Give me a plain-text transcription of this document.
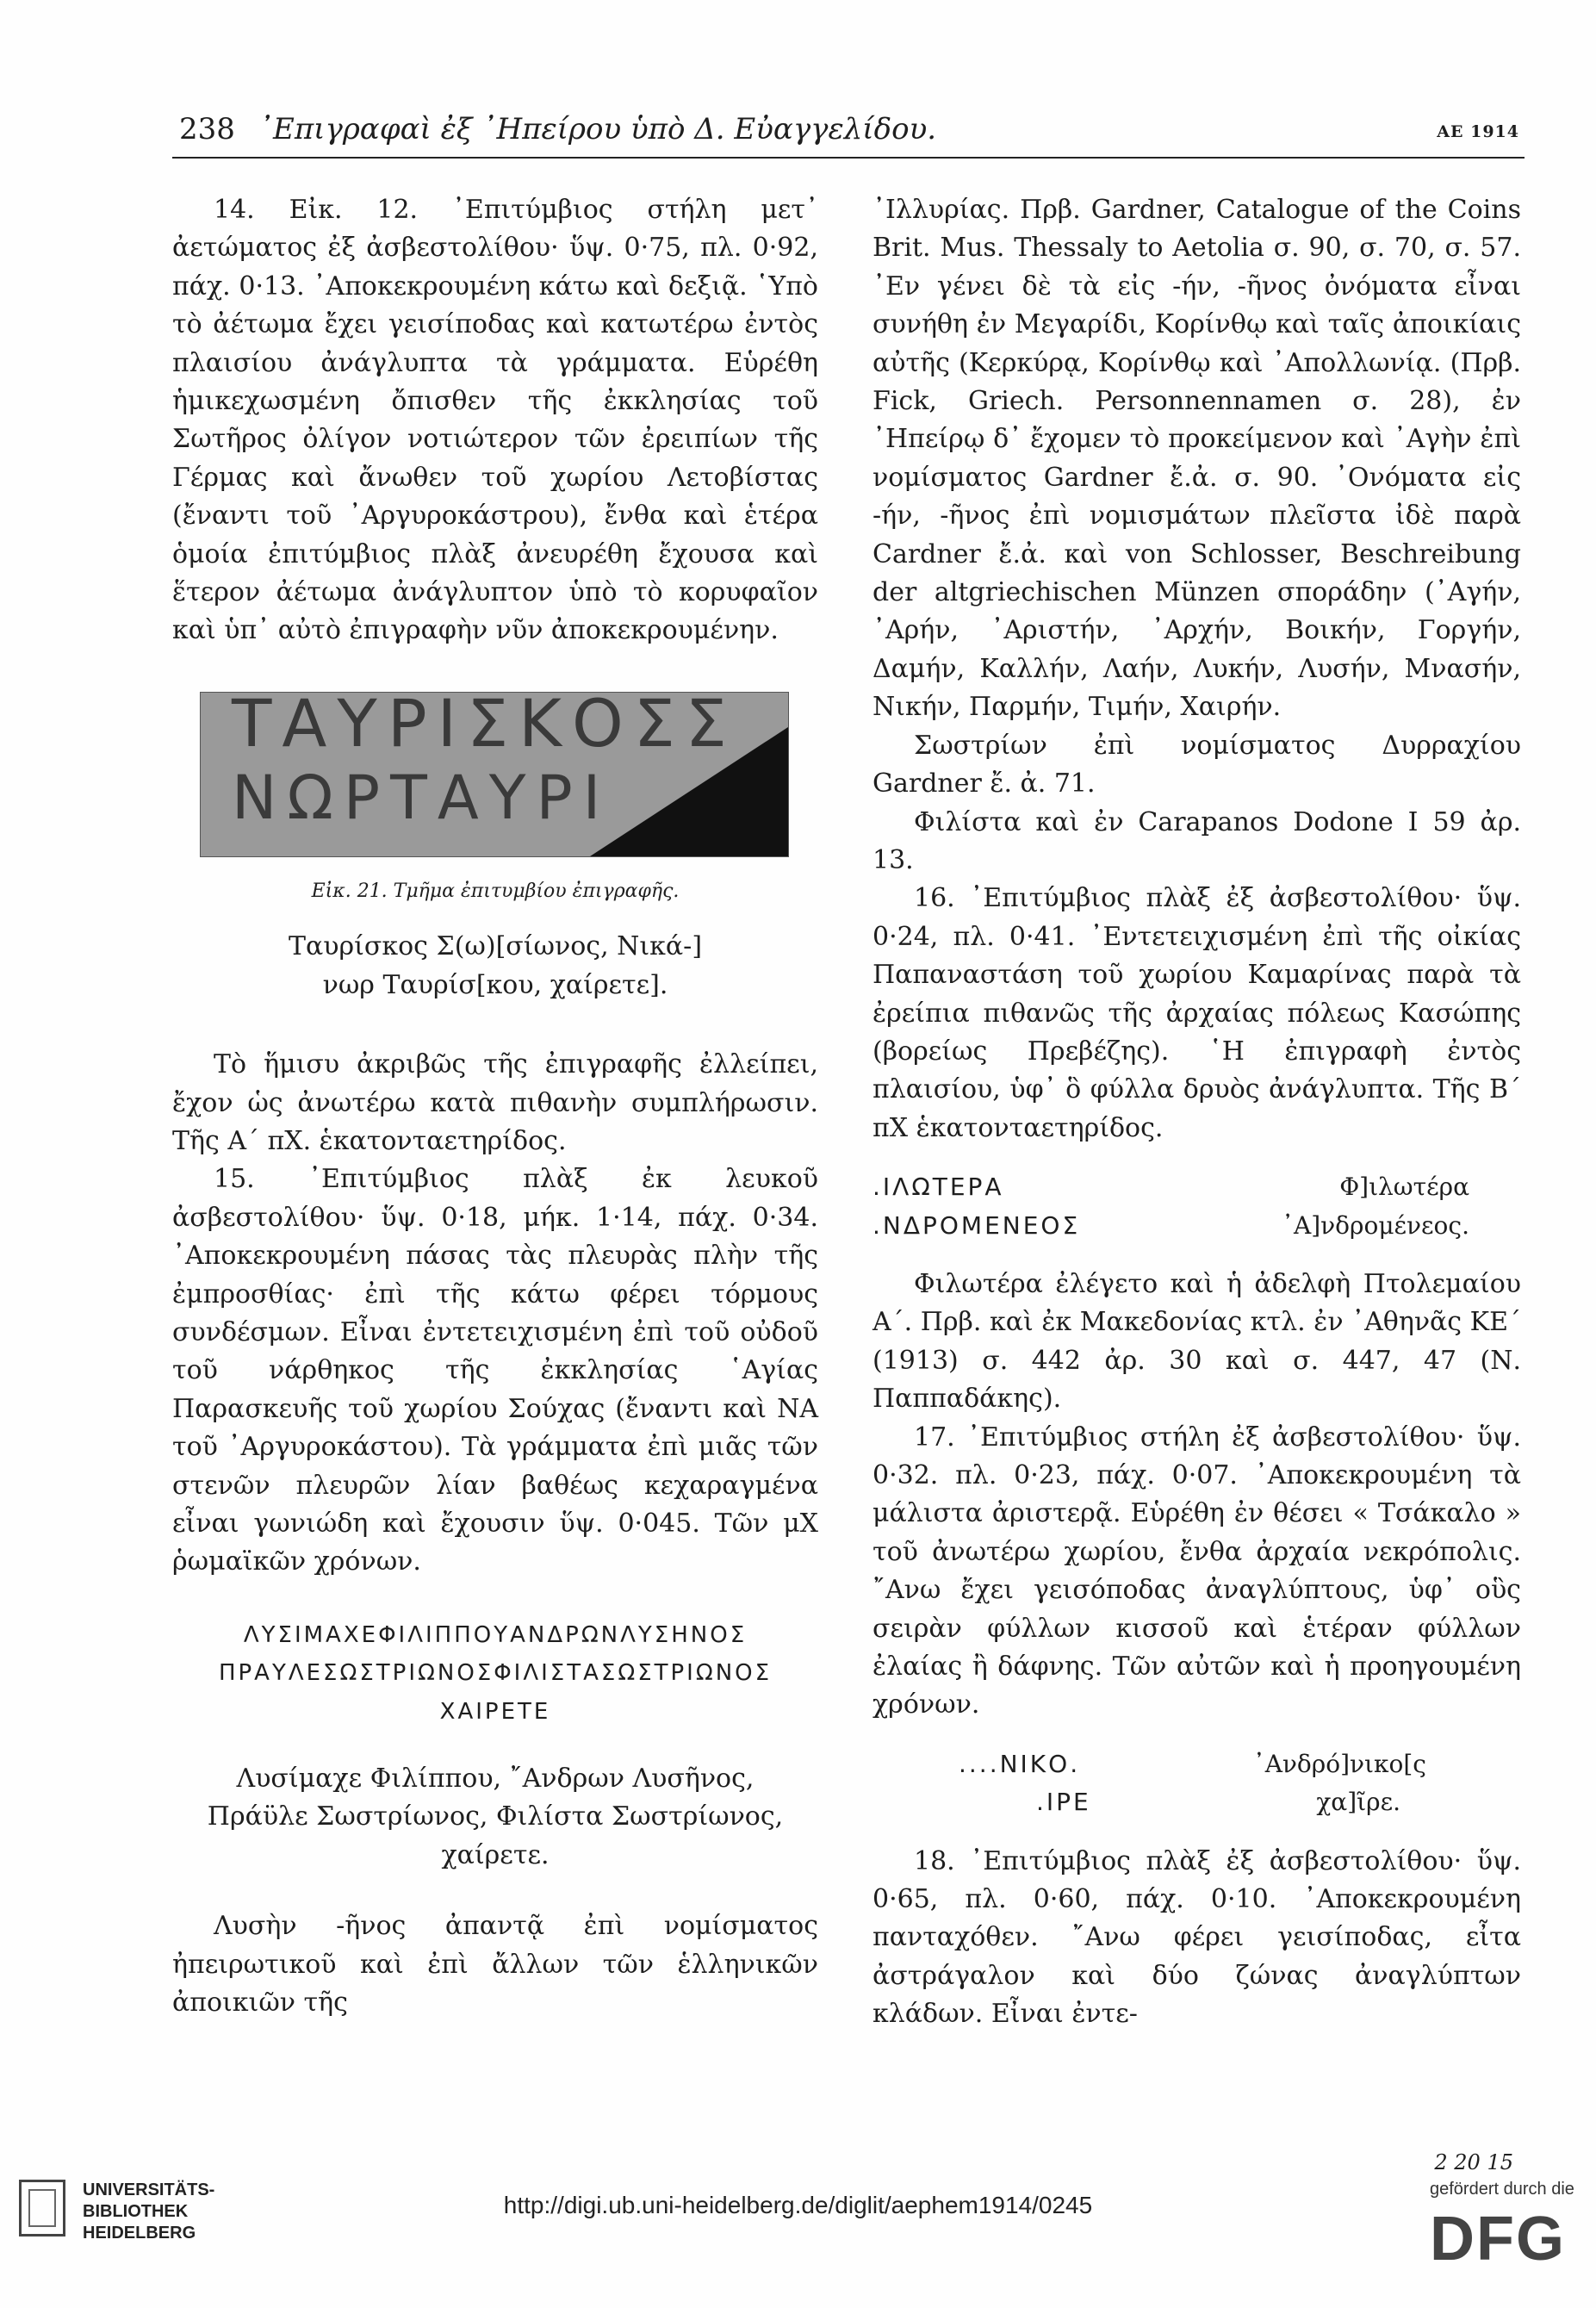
238 ᾿Επιγραφαὶ ἐξ ᾿Ηπείρου ὑπὸ Δ. Εὐαγγελίδου.	AE 1914

14. Εἰκ. 12. ᾿Επιτύμβιος στήλη μετ᾿ ἀετώματος ἐξ ἀσβεστολίθου· ὕψ. 0·75, πλ. 0·92, πάχ. 0·13. ᾿Αποκεκρουμένη κάτω καὶ δεξιᾷ. ῾Υπὸ τὸ ἀέτωμα ἔχει γεισίποδας καὶ κατωτέρω ἐντὸς πλαισίου ἀνάγλυπτα τὰ γράμματα. Εὑρέθη ἡμικεχωσμένη ὄπισθεν τῆς ἐκκλησίας τοῦ Σωτῆρος ὀλίγον νοτιώτερον τῶν ἐρειπίων τῆς Γέρμας καὶ ἄνωθεν τοῦ χωρίου Λετοβίστας (ἔναντι τοῦ ᾿Αργυροκάστρου), ἔνθα καὶ ἑτέρα ὁμοία ἐπιτύμβιος πλὰξ ἀνευρέθη ἔχουσα καὶ ἕτερον ἀέτωμα ἀνάγλυπτον ὑπὸ τὸ κορυφαῖον καὶ ὑπ᾿ αὐτὸ ἐπιγραφὴν νῦν ἀποκεκρουμένην.

ΤΑΥΡΙΣΚΟΣΣ
ΝΩΡΤΑΥΡΙ
Εἰκ. 21. Τμῆμα ἐπιτυμβίου ἐπιγραφῆς.

Ταυρίσκος Σ(ω)[σίωνος, Νικά-]

νωρ Ταυρίσ[κου, χαίρετε].

Τὸ ἥμισυ ἀκριβῶς τῆς ἐπιγραφῆς ἐλλείπει, ἔχον ὡς ἀνωτέρω κατὰ πιθανὴν συμπλήρωσιν. Τῆς Α΄ πΧ. ἑκατονταετηρίδος.

15. ᾿Επιτύμβιος πλὰξ ἐκ λευκοῦ ἀσβεστολίθου· ὕψ. 0·18, μήκ. 1·14, πάχ. 0·34. ᾿Αποκεκρουμένη πάσας τὰς πλευρὰς πλὴν τῆς ἐμπροσθίας· ἐπὶ τῆς κάτω φέρει τόρμους συνδέσμων. Εἶναι ἐντετειχισμένη ἐπὶ τοῦ οὐδοῦ τοῦ νάρθηκος τῆς ἐκκλησίας ῾Αγίας Παρασκευῆς τοῦ χωρίου Σούχας (ἔναντι καὶ ΝΑ τοῦ ᾿Αργυροκάστου). Τὰ γράμματα ἐπὶ μιᾶς τῶν στενῶν πλευρῶν λίαν βαθέως κεχαραγμένα εἶναι γωνιώδη καὶ ἔχουσιν ὕψ. 0·045. Τῶν μΧ ῥωμαϊκῶν χρόνων.

ΛΥΣΙΜΑΧΕΦΙΛΙΠΠΟΥΑΝΔΡΩΝΛΥΣΗΝΟΣ

ΠΡΑΥΛΕΣΩΣΤΡΙΩΝΟΣΦΙΛΙΣΤΑΣΩΣΤΡΙΩΝΟΣ

ΧΑΙΡΕΤΕ

Λυσίμαχε Φιλίππου, ῎Ανδρων Λυσῆνος,

Πράϋλε Σωστρίωνος, Φιλίστα Σωστρίωνος,

χαίρετε.

Λυσὴν -ῆνος ἀπαντᾷ ἐπὶ νομίσματος ἠπειρωτικοῦ καὶ ἐπὶ ἄλλων τῶν ἑλληνικῶν ἀποικιῶν τῆς

᾿Ιλλυρίας. Πρβ. Gardner, Catalogue of the Coins Brit. Mus. Thessaly to Aetolia σ. 90, σ. 70, σ. 57. ᾿Εν γένει δὲ τὰ εἰς -ήν, -ῆνος ὀνόματα εἶναι συνήθη ἐν Μεγαρίδι, Κορίνθῳ καὶ ταῖς ἀποικίαις αὐτῆς (Κερκύρᾳ, Κορίνθῳ καὶ ᾿Απολλωνίᾳ. (Πρβ. Fick, Griech. Personnennamen σ. 28), ἐν ᾿Ηπείρῳ δ᾿ ἔχομεν τὸ προκείμενον καὶ ᾿Αγὴν ἐπὶ νομίσματος Gardner ἔ.ἀ. σ. 90. ᾿Ονόματα εἰς -ήν, -ῆνος ἐπὶ νομισμάτων πλεῖστα ἰδὲ παρὰ Cardner ἔ.ἀ. καὶ von Schlosser, Beschreibung der altgriechischen Münzen σποράδην (᾿Αγήν, ᾿Αρήν, ᾿Αριστήν, ᾿Αρχήν, Βοικήν, Γοργήν, Δαμήν, Καλλήν, Λαήν, Λυκήν, Λυσήν, Μνασήν, Νικήν, Παρμήν, Τιμήν, Χαιρήν.

Σωστρίων ἐπὶ νομίσματος Δυρραχίου Gardner ἔ. ἀ. 71.

Φιλίστα καὶ ἐν Carapanos Dodone I 59 ἀρ. 13.

16. ᾿Επιτύμβιος πλὰξ ἐξ ἀσβεστολίθου· ὕψ. 0·24, πλ. 0·41. ᾿Εντετειχισμένη ἐπὶ τῆς οἰκίας Παπαναστάση τοῦ χωρίου Καμαρίνας παρὰ τὰ ἐρείπια πιθανῶς τῆς ἀρχαίας πόλεως Κασώπης (βορείως Πρεβέζης). ῾Η ἐπιγραφὴ ἐντὸς πλαισίου, ὑφ᾿ ὃ φύλλα δρυὸς ἀνάγλυπτα. Τῆς Β΄ πΧ ἑκατονταετηρίδος.

.ΙΛΩΤΕΡΑ	Φ]ιλωτέρα
.ΝΔΡΟΜΕΝΕΟΣ	᾿Α]νδρομένεος.

Φιλωτέρα ἐλέγετο καὶ ἡ ἀδελφὴ Πτολεμαίου Α΄. Πρβ. καὶ ἐκ Μακεδονίας κτλ. ἐν ᾿Αθηνᾶς ΚΕ΄ (1913) σ. 442 ἀρ. 30 καὶ σ. 447, 47 (Ν. Παππαδάκης).

17. ᾿Επιτύμβιος στήλη ἐξ ἀσβεστολίθου· ὕψ. 0·32. πλ. 0·23, πάχ. 0·07. ᾿Αποκεκρουμένη τὰ μάλιστα ἀριστερᾷ. Εὑρέθη ἐν θέσει « Τσάκαλο » τοῦ ἀνωτέρω χωρίου, ἔνθα ἀρχαία νεκρόπολις. ῎Ανω ἔχει γεισόποδας ἀναγλύπτους, ὑφ᾿ οὓς σειρὰν φύλλων κισσοῦ καὶ ἑτέραν φύλλων ἐλαίας ἢ δάφνης. Τῶν αὐτῶν καὶ ἡ προηγουμένη χρόνων.

....ΝΙΚΟ.	᾿Ανδρό]νικο[ς
.ΙΡΕ	χα]ῖρε.

18. ᾿Επιτύμβιος πλὰξ ἐξ ἀσβεστολίθου· ὕψ. 0·65, πλ. 0·60, πάχ. 0·10. ᾿Αποκεκρουμένη πανταχόθεν. ῎Ανω φέρει γεισίποδας, εἶτα ἀστράγαλον καὶ δύο ζώνας ἀναγλύπτων κλάδων. Εἶναι ἐντε-

2 20 15
UNIVERSITÄTS-
BIBLIOTHEK
HEIDELBERG
http://digi.ub.uni-heidelberg.de/diglit/aephem1914/0245
gefördert durch die
DFG
